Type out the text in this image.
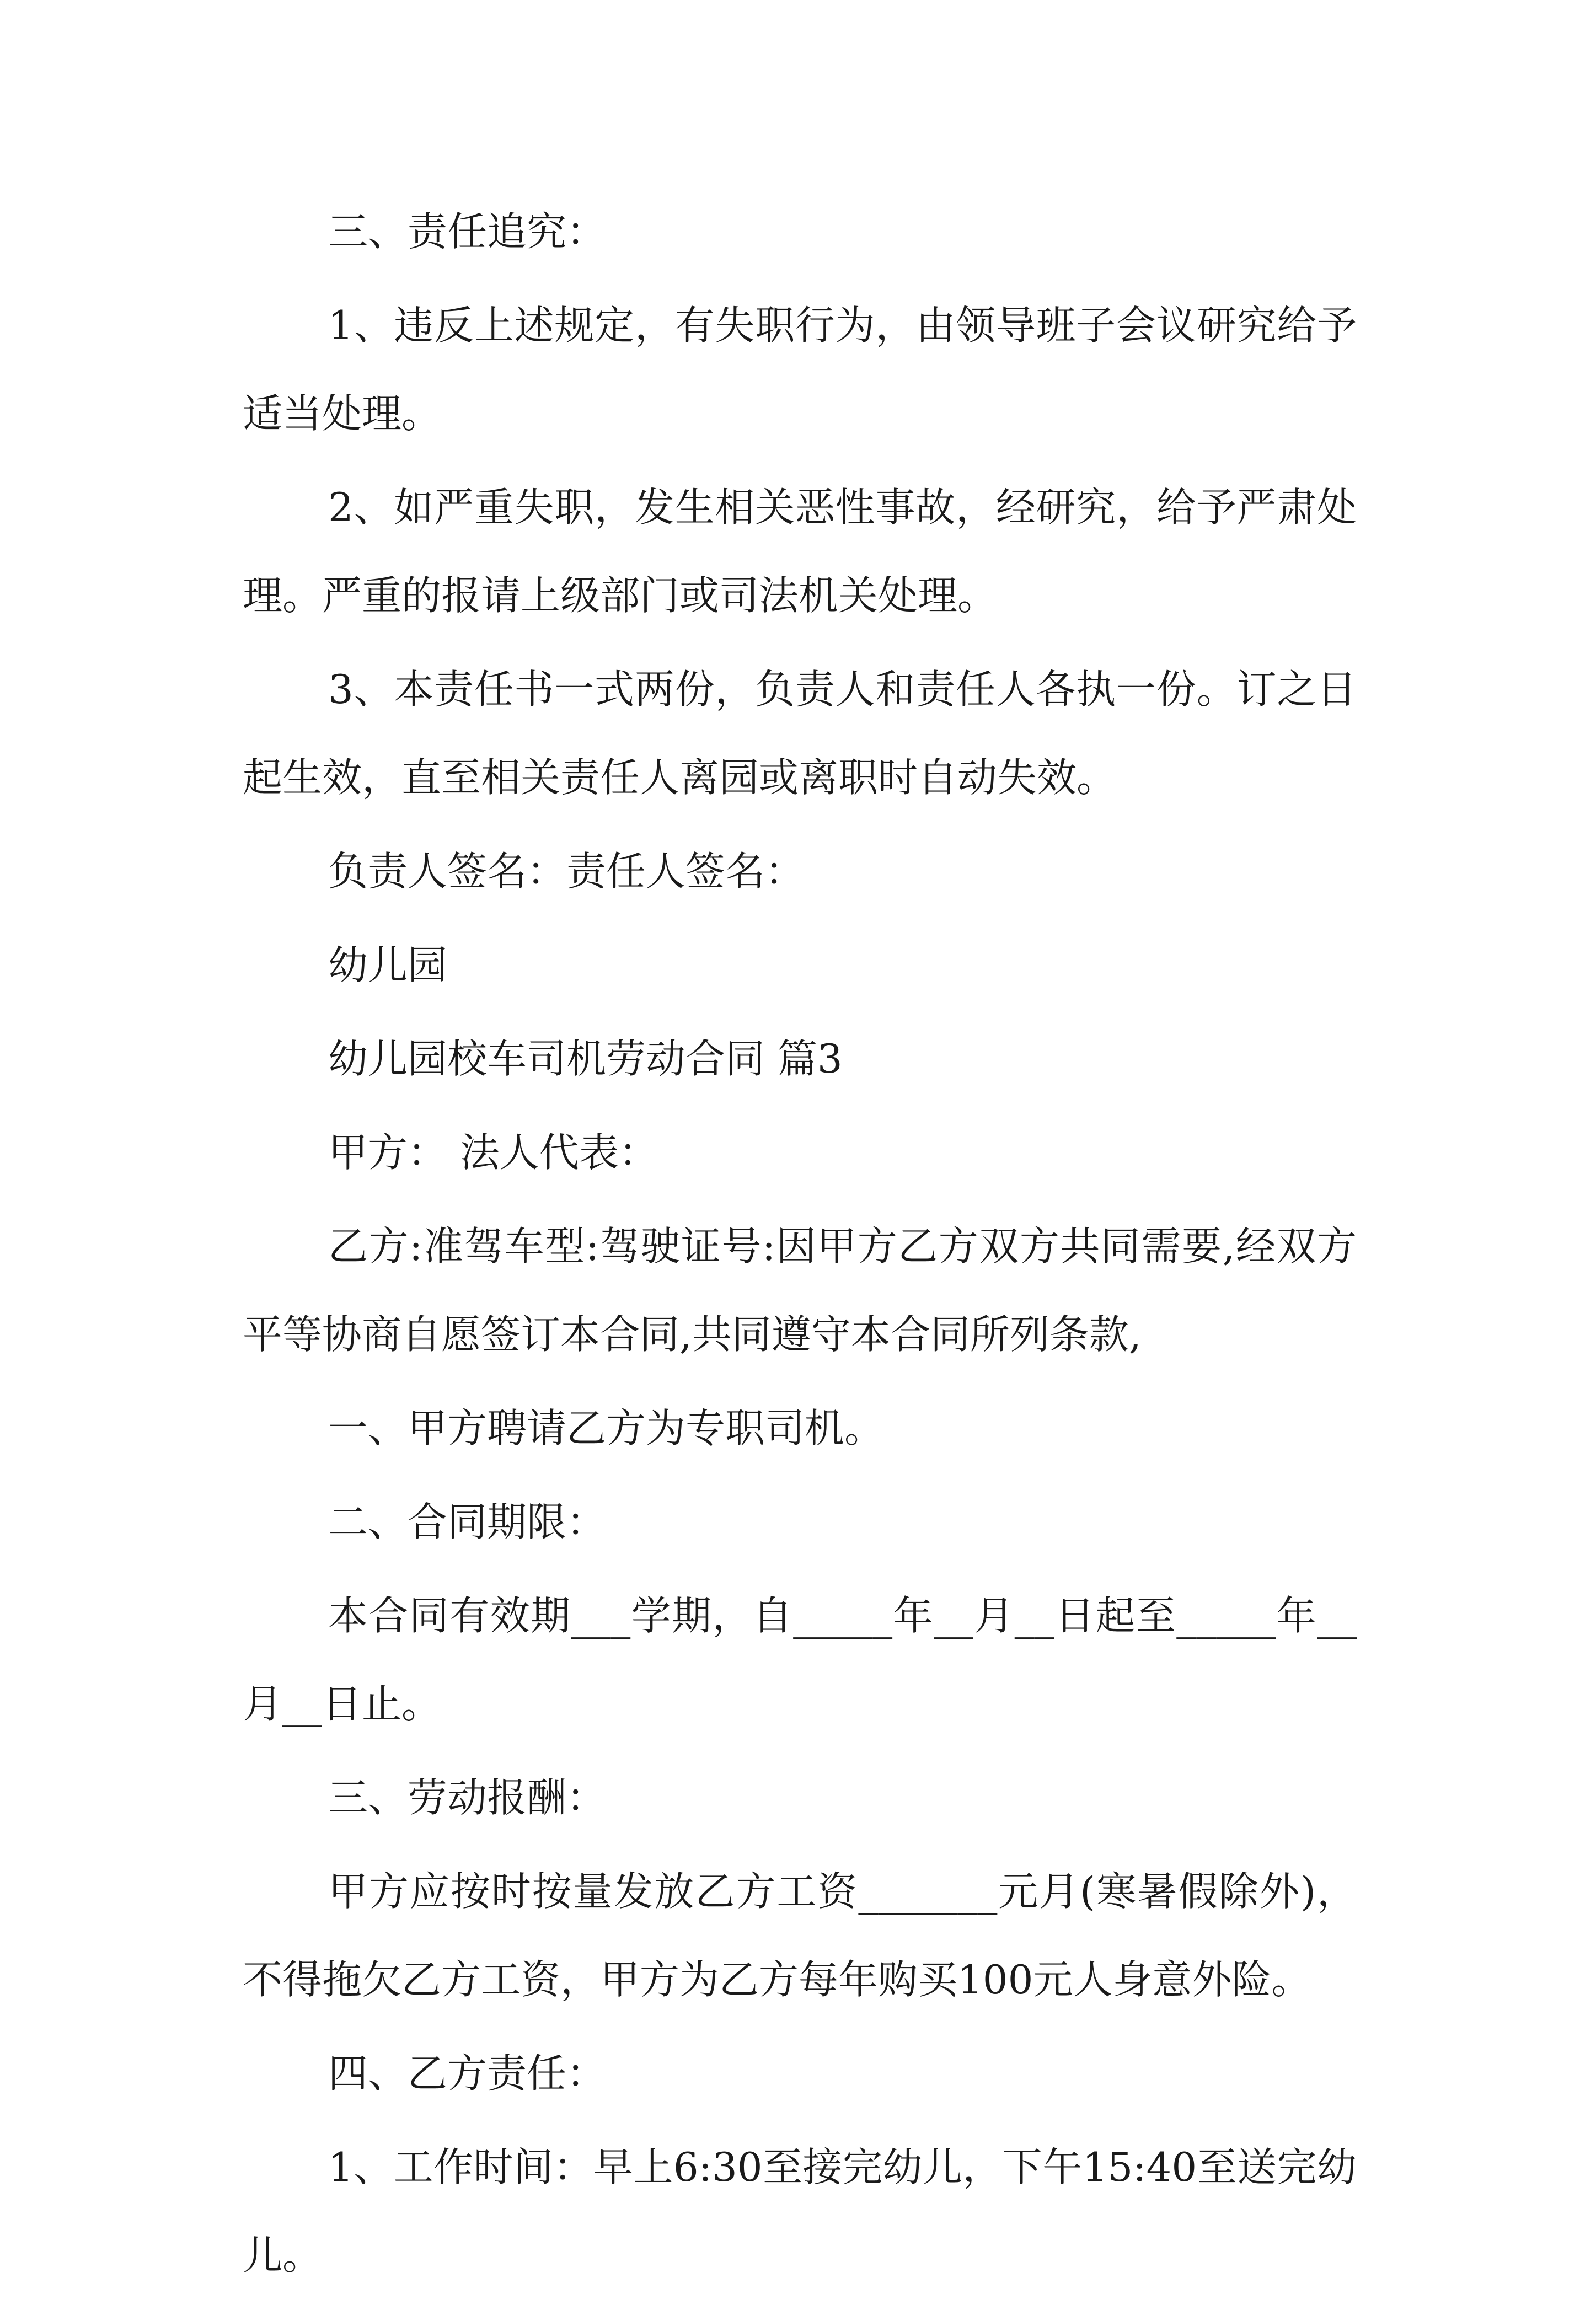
三、责任追究：

1、违反上述规定，有失职行为，由领导班子会议研究给予适当处理。

2、如严重失职，发生相关恶性事故，经研究，给予严肃处理。严重的报请上级部门或司法机关处理。

3、本责任书一式两份，负责人和责任人各执一份。订之日起生效，直至相关责任人离园或离职时自动失效。

负责人签名：责任人签名：

幼儿园

幼儿园校车司机劳动合同 篇3

甲方： 法人代表：

乙方:准驾车型:驾驶证号:因甲方乙方双方共同需要,经双方平等协商自愿签订本合同,共同遵守本合同所列条款,

一、甲方聘请乙方为专职司机。

二、合同期限：

本合同有效期___学期，自_____年__月__日起至_____年__月__日止。

三、劳动报酬：

甲方应按时按量发放乙方工资_______元月(寒暑假除外)，不得拖欠乙方工资，甲方为乙方每年购买100元人身意外险。

四、乙方责任：

1、工作时间：早上6:30至接完幼儿，下午15:40至送完幼儿。
